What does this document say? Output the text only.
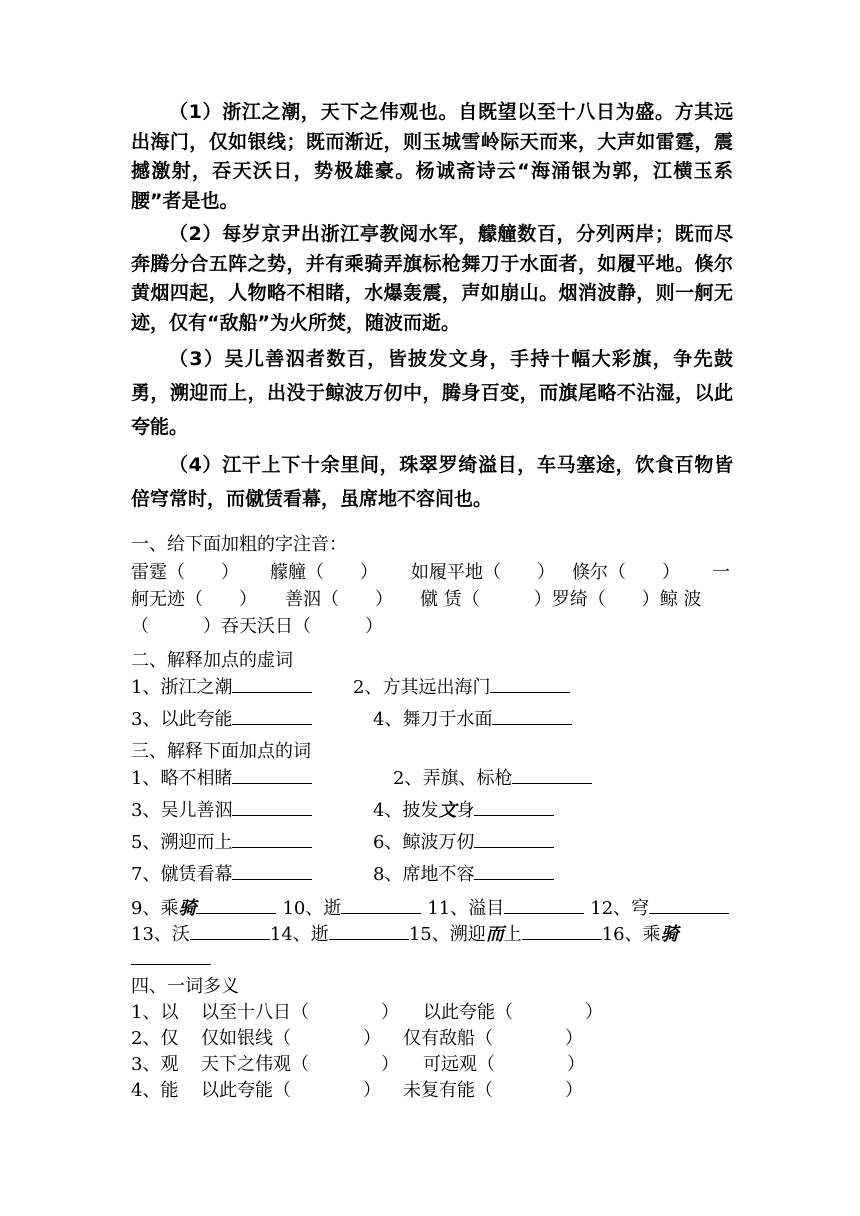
（1）浙江之潮，天下之伟观也。自既望以至十八日为盛。方其远出海门，仅如银线；既而渐近，则玉城雪岭际天而来，大声如雷霆，震撼激射，吞天沃日，势极雄豪。杨诚斋诗云“海涌银为郭，江横玉系腰”者是也。

（2）每岁京尹出浙江亭教阅水军，艨艟数百，分列两岸；既而尽奔腾分合五阵之势，并有乘骑弄旗标枪舞刀于水面者，如履平地。倏尔黄烟四起，人物略不相睹，水爆轰震，声如崩山。烟消波静，则一舸无迹，仅有“敌船”为火所焚，随波而逝。

（3）吴儿善泅者数百，皆披发文身，手持十幅大彩旗，争先鼓勇，溯迎而上，出没于鲸波万仞中，腾身百变，而旗尾略不沾湿，以此夸能。

（4）江干上下十余里间，珠翠罗绮溢目，车马塞途，饮食百物皆倍穹常时，而僦赁看幕，虽席地不容间也。

一、给下面加粗的字注音：
雷霆（　　） 艨艟（　　） 如履平地（　　） 倏尔（　　） 一
舸无迹（　　） 善泅（　　） 僦 赁（　　　）罗绮（　　）鲸 波
（　　　）吞天沃日（　　　）
二、解释加点的虚词
1、浙江之潮	2、方其远出海门
3、以此夸能	4、舞刀于水面
三、解释下面加点的词
1、略不相睹	2、弄旗、标枪
3、吴儿善泅	4、披发文身
5、溯迎而上	6、鲸波万仞
7、僦赁看幕	8、席地不容
9、乘骑	10、逝	11、溢目	12、穹
13、沃	14、逝	15、溯迎而上	16、乘骑
四、一词多义
1、以 以至十八日（　　　　） 以此夸能（　　　　）
2、仅 仅如银线（　　　　） 仅有敌船（　　　　）
3、观 天下之伟观（　　　　） 可远观（　　　　）
4、能 以此夸能（　　　　） 未复有能（　　　　）
